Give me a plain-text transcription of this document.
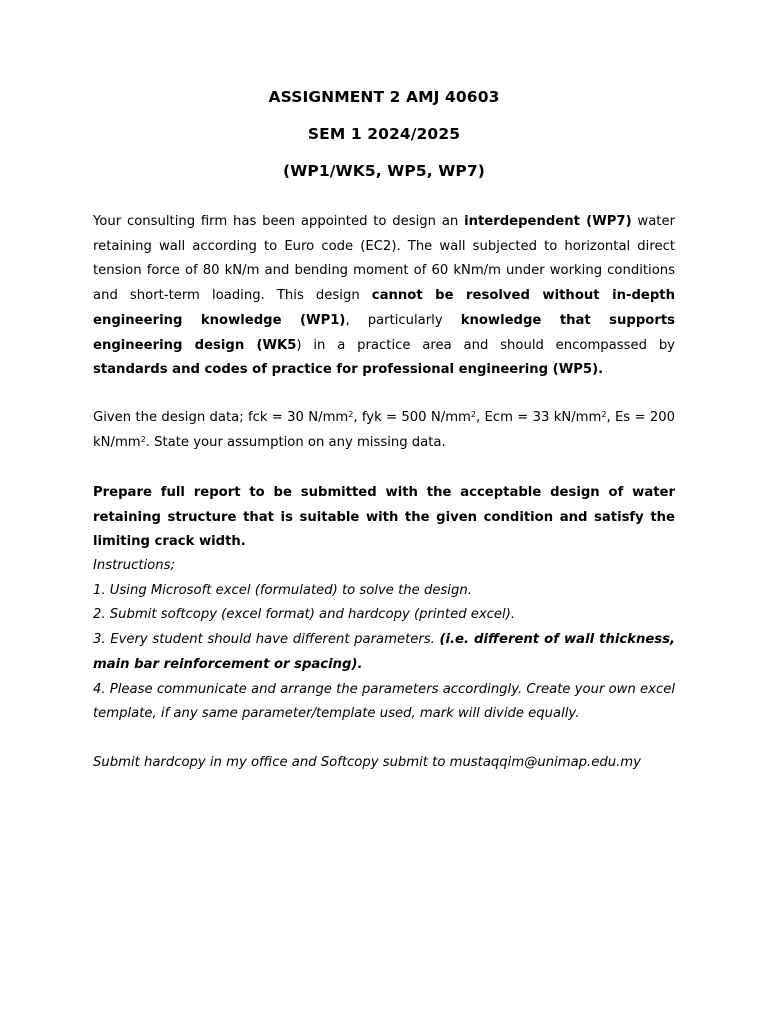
ASSIGNMENT 2 AMJ 40603
SEM 1 2024/2025
(WP1/WK5, WP5, WP7)
Your consulting firm has been appointed to design an interdependent (WP7) water retaining wall according to Euro code (EC2). The wall subjected to horizontal direct tension force of 80 kN/m and bending moment of 60 kNm/m under working conditions and short-term loading. This design cannot be resolved without in-depth engineering knowledge (WP1), particularly knowledge that supports engineering design (WK5) in a practice area and should encompassed by standards and codes of practice for professional engineering (WP5).
Given the design data; fck = 30 $N/mm^2$, fyk = 500 $N/mm^2$, Ecm = 33 $kN/mm^2$, Es = 200 $kN/mm^2$. State your assumption on any missing data.
Prepare full report to be submitted with the acceptable design of water retaining structure that is suitable with the given condition and satisfy the limiting crack width.
Instructions;
1. Using Microsoft excel (formulated) to solve the design.
2. Submit softcopy (excel format) and hardcopy (printed excel).
3. Every student should have different parameters. (i.e. different of wall thickness, main bar reinforcement or spacing).
4. Please communicate and arrange the parameters accordingly. Create your own excel template, if any same parameter/template used, mark will divide equally.
Submit hardcopy in my office and Softcopy submit to mustaqqim@unimap.edu.my
